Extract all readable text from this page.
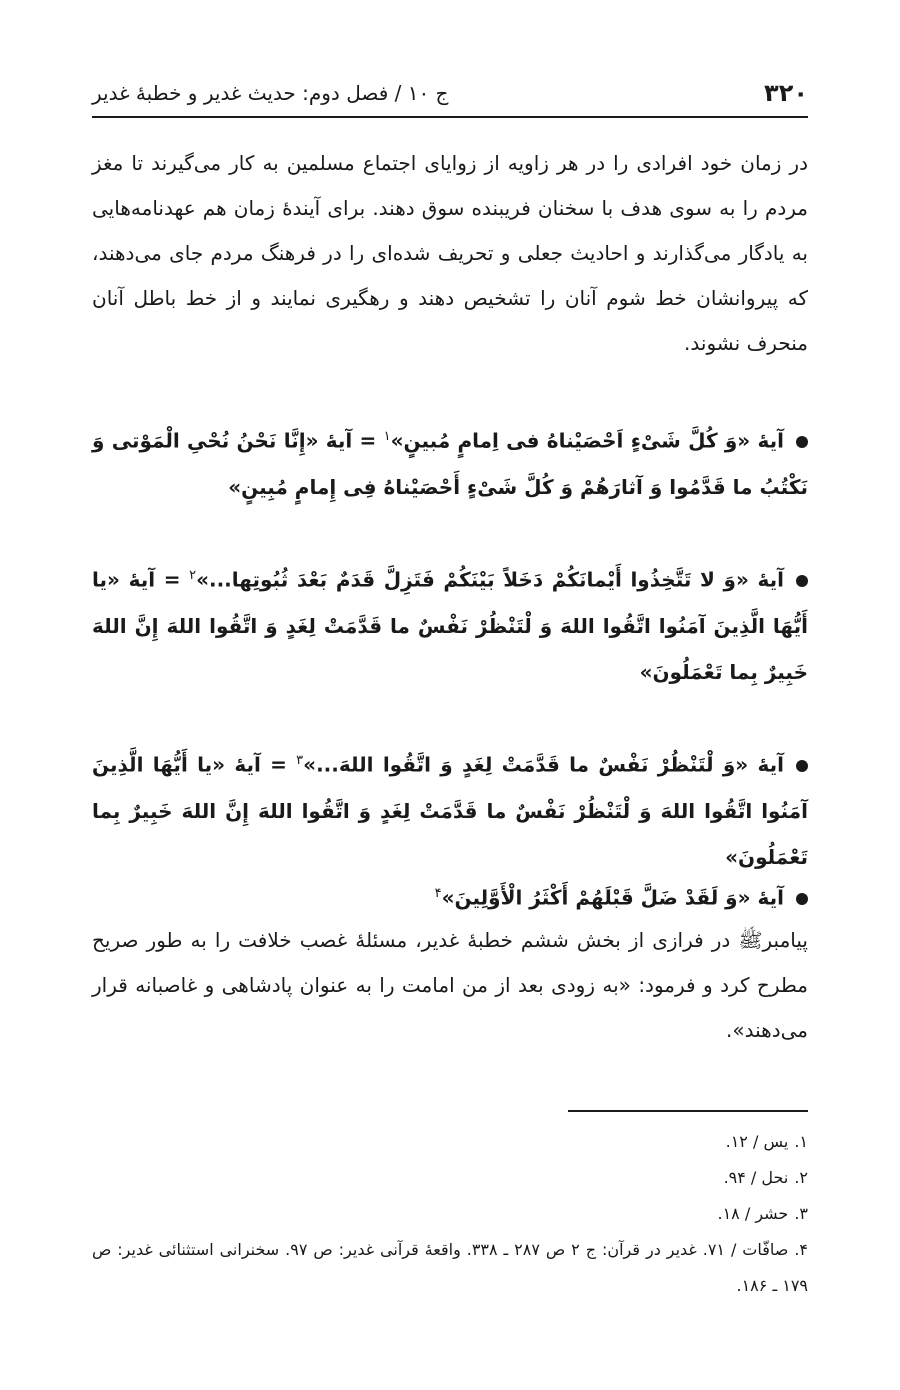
۳۲۰
ج ۱۰ / فصل دوم: حدیث غدیر و خطبهٔ غدیر

در زمان خود افرادی را در هر زاویه از زوایای اجتماع مسلمین به کار می‌گیرند تا مغز مردم را به سوی هدف با سخنان فریبنده سوق دهند. برای آیندهٔ زمان هم عهدنامه‌هایی به یادگار می‌گذارند و احادیث جعلی و تحریف شده‌ای را در فرهنگ مردم جای می‌دهند، که پیروانشان خط شوم آنان را تشخیص دهند و رهگیری نمایند و از خط باطل آنان منحرف نشوند.

آیهٔ «وَ کُلَّ شَیْءٍ اَحْصَیْناهُ فی اِمامٍ مُبینٍ»$^۱$ = آیهٔ «إِنَّا نَحْنُ نُحْیِ الْمَوْتی وَ نَکْتُبُ ما قَدَّمُوا وَ آثارَهُمْ وَ کُلَّ شَیْءٍ أَحْصَیْناهُ فِی إِمامٍ مُبِینٍ»
آیهٔ «وَ لا تَتَّخِذُوا أَیْمانَکُمْ دَخَلاً بَیْنَکُمْ فَتَزِلَّ قَدَمٌ بَعْدَ ثُبُوتِها...»$^۲$ = آیهٔ «یا أَیُّهَا الَّذِینَ آمَنُوا اتَّقُوا اللهَ وَ لْتَنْظُرْ نَفْسٌ ما قَدَّمَتْ لِغَدٍ وَ اتَّقُوا اللهَ إِنَّ اللهَ خَبِیرٌ بِما تَعْمَلُونَ»
آیهٔ «وَ لْتَنْظُرْ نَفْسٌ ما قَدَّمَتْ لِغَدٍ وَ اتَّقُوا اللهَ...»$^۳$ = آیهٔ «یا أَیُّهَا الَّذِینَ آمَنُوا اتَّقُوا اللهَ وَ لْتَنْظُرْ نَفْسٌ ما قَدَّمَتْ لِغَدٍ وَ اتَّقُوا اللهَ إِنَّ اللهَ خَبِیرٌ بِما تَعْمَلُونَ»
آیهٔ «وَ لَقَدْ ضَلَّ قَبْلَهُمْ أَکْثَرُ الْأَوَّلِینَ»$^۴$

پیامبرﷺ در فرازی از بخش ششم خطبهٔ غدیر، مسئلهٔ غصب خلافت را به طور صریح مطرح کرد و فرمود: «به زودی بعد از من امامت را به عنوان پادشاهی و غاصبانه قرار می‌دهند».

۱.یس / ۱۲.

۲.نحل / ۹۴.

۳.حشر / ۱۸.

۴.صافّات / ۷۱. غدیر در قرآن: ج ۲ ص ۲۸۷ ـ ۳۳۸. واقعهٔ قرآنی غدیر: ص ۹۷. سخنرانی استثنائی غدیر: ص ۱۷۹ ـ ۱۸۶.
